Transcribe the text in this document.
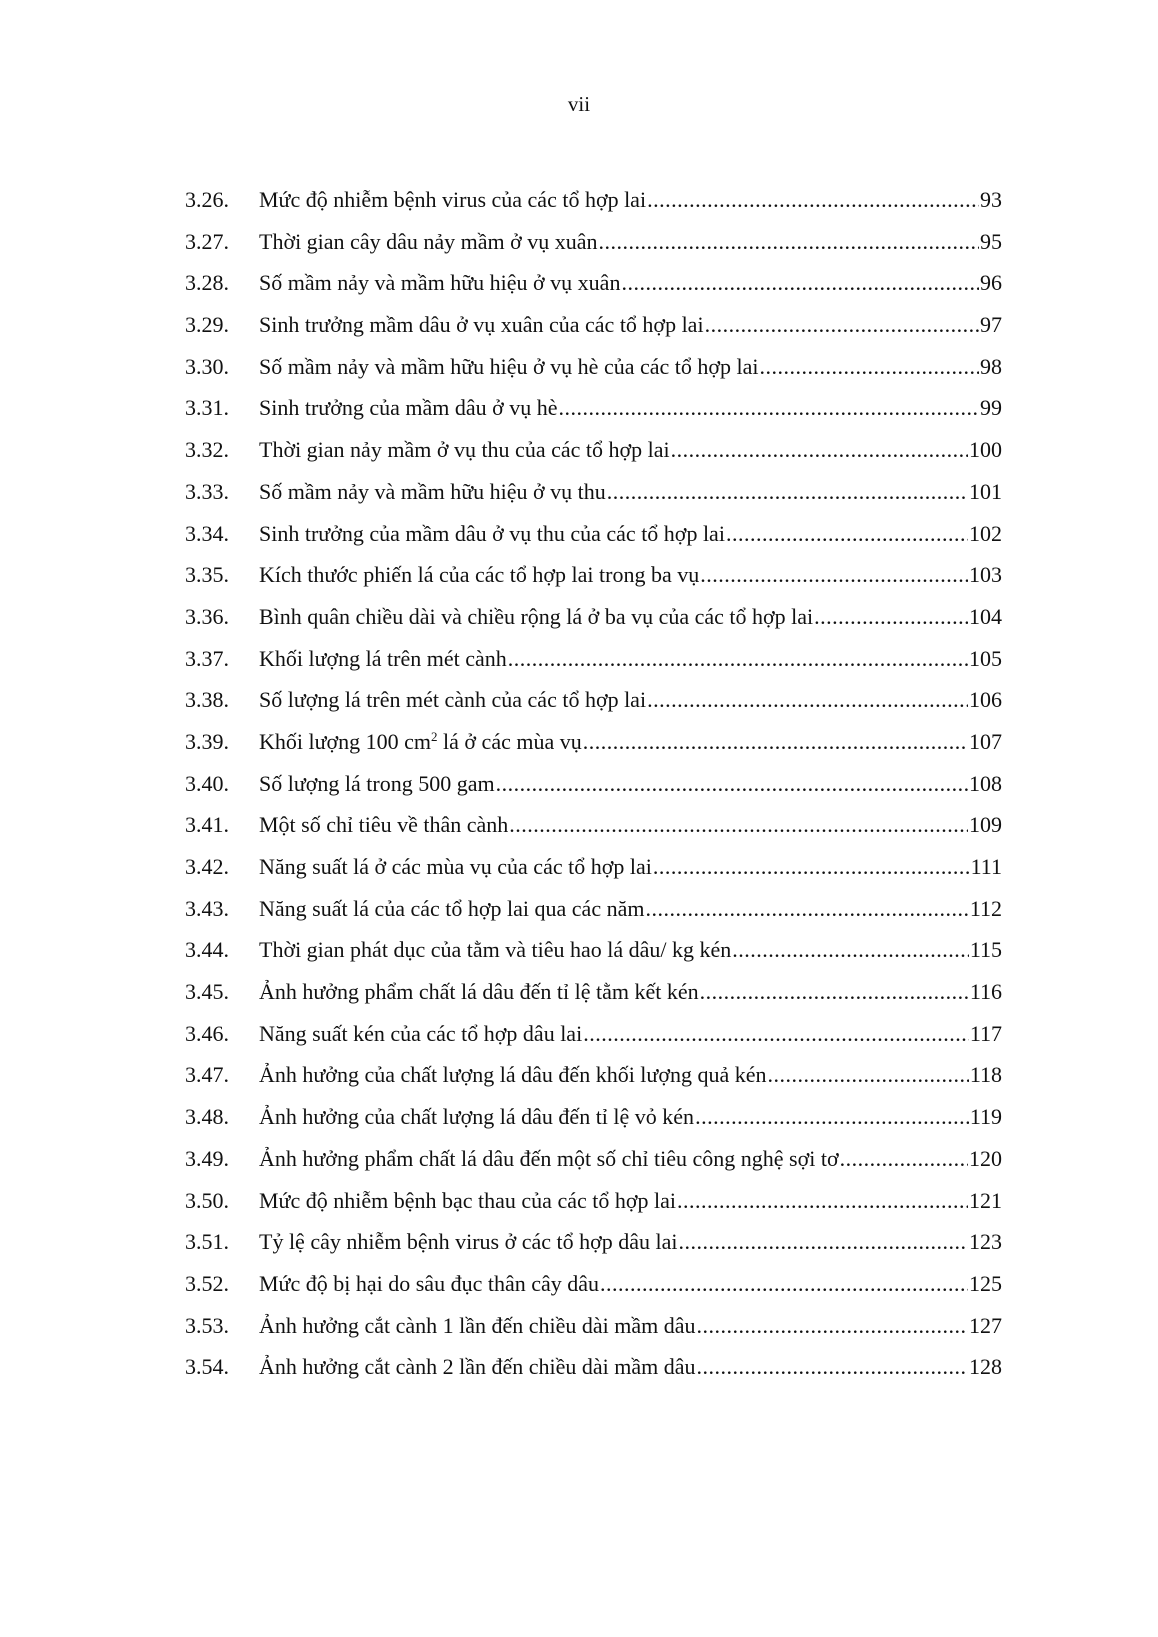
vii
3.26.	Mức độ nhiễm bệnh virus của các tổ hợp lai .....	93
3.27.	Thời gian cây dâu nảy mầm ở vụ xuân .....	95
3.28.	Số mầm nảy và mầm hữu hiệu ở vụ xuân .....	96
3.29.	Sinh trưởng mầm dâu ở vụ xuân của các tổ hợp lai .....	97
3.30.	Số mầm nảy và mầm hữu hiệu ở vụ hè của các tổ hợp lai .....	98
3.31.	Sinh trưởng của mầm dâu ở vụ hè .....	99
3.32.	Thời gian nảy mầm ở vụ thu của các tổ hợp lai .....	100
3.33.	Số mầm nảy và mầm hữu hiệu ở vụ thu .....	101
3.34.	Sinh trưởng của mầm dâu ở vụ thu của các tổ hợp lai .....	102
3.35.	Kích thước phiến lá của các tổ hợp lai trong ba vụ .....	103
3.36.	Bình quân chiều dài và chiều rộng lá ở ba vụ của các tổ hợp lai .....	104
3.37.	Khối lượng lá trên mét cành .....	105
3.38.	Số lượng lá trên mét cành của các tổ hợp lai .....	106
3.39.	Khối lượng 100 $cm^2$ lá ở các mùa vụ .....	107
3.40.	Số lượng lá trong 500 gam .....	108
3.41.	Một số chỉ tiêu về thân cành .....	109
3.42.	Năng suất lá ở các mùa vụ của các tổ hợp lai .....	111
3.43.	Năng suất lá của các tổ hợp lai qua các năm .....	112
3.44.	Thời gian phát dục của tằm và tiêu hao lá dâu/ kg kén .....	115
3.45.	Ảnh hưởng phẩm chất lá dâu đến tỉ lệ tằm kết kén .....	116
3.46.	Năng suất kén của các tổ hợp dâu lai .....	117
3.47.	Ảnh hưởng của chất lượng lá dâu đến khối lượng quả kén .....	118
3.48.	Ảnh hưởng của chất lượng lá dâu đến tỉ lệ vỏ kén .....	119
3.49.	Ảnh hưởng phẩm chất lá dâu đến một số chỉ tiêu công nghệ sợi tơ .....	120
3.50.	Mức độ nhiễm bệnh bạc thau của các tổ hợp lai .....	121
3.51.	Tỷ lệ cây nhiễm bệnh virus ở các tổ hợp dâu lai .....	123
3.52.	Mức độ bị hại do sâu đục thân cây dâu .....	125
3.53.	Ảnh hưởng cắt cành 1 lần đến chiều dài mầm dâu .....	127
3.54.	Ảnh hưởng cắt cành 2 lần đến chiều dài mầm dâu .....	128
